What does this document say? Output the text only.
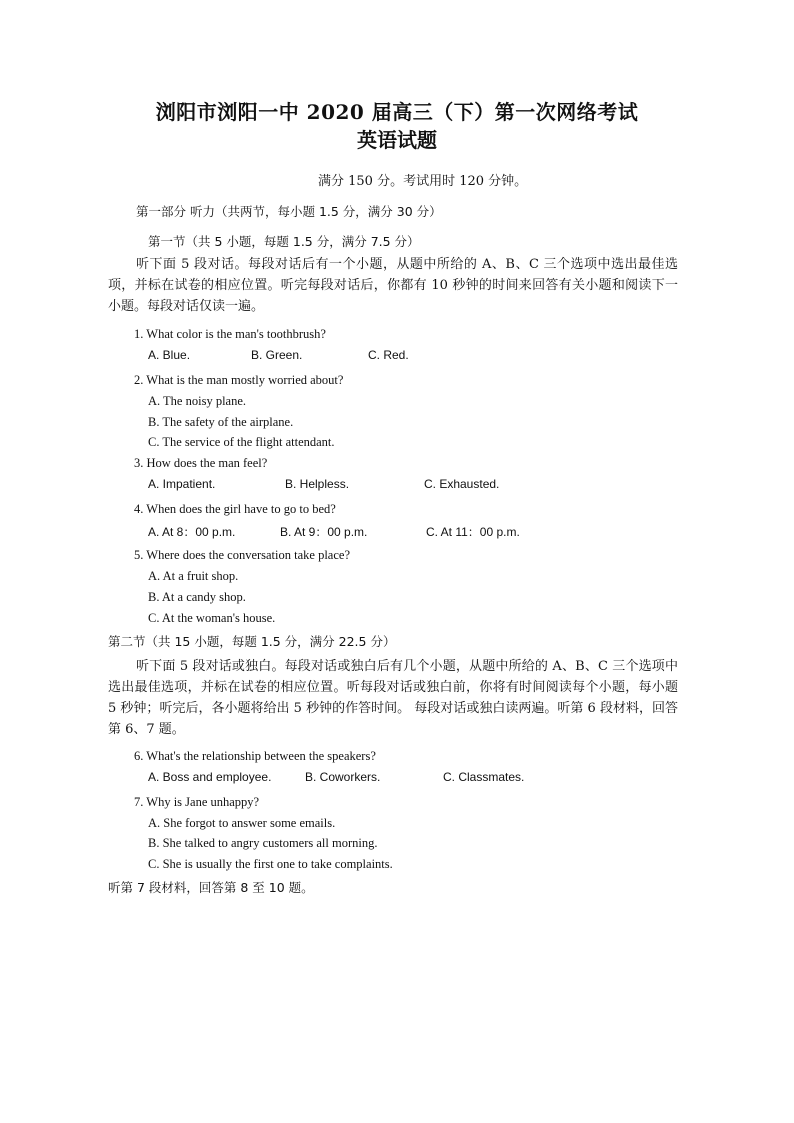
浏阳市浏阳一中 2020 届高三（下）第一次网络考试
英语试题
满分 150 分。考试用时 120 分钟。
第一部分 听力（共两节，每小题 1.5 分，满分 30 分）
第一节（共 5 小题，每题 1.5 分，满分 7.5 分）
听下面 5 段对话。每段对话后有一个小题，从题中所给的 A、B、C 三个选项中选出最佳选项，并标在试卷的相应位置。听完每段对话后，你都有 10 秒钟的时间来回答有关小题和阅读下一小题。每段对话仅读一遍。
1. What color is the man's toothbrush?
A. Blue.	B. Green.	C. Red.
2. What is the man mostly worried about?
A. The noisy plane.
B. The safety of the airplane.
C. The service of the flight attendant.
3. How does the man feel?
A. Impatient.	B. Helpless.	C. Exhausted.
4. When does the girl have to go to bed?
A. At 8：00 p.m.	B. At 9：00 p.m.	C. At 11：00 p.m.
5. Where does the conversation take place?
A. At a fruit shop.
B. At a candy shop.
C. At the woman's house.
第二节（共 15 小题，每题 1.5 分，满分 22.5 分）
听下面 5 段对话或独白。每段对话或独白后有几个小题，从题中所给的 A、B、C 三个选项中选出最佳选项，并标在试卷的相应位置。听每段对话或独白前，你将有时间阅读每个小题，每小题 5 秒钟；听完后，各小题将给出 5 秒钟的作答时间。 每段对话或独白读两遍。听第 6 段材料，回答第 6、7 题。
6. What's the relationship between the speakers?
A. Boss and employee.	B. Coworkers.	C. Classmates.
7. Why is Jane unhappy?
A. She forgot to answer some emails.
B. She talked to angry customers all morning.
C. She is usually the first one to take complaints.
听第 7 段材料，回答第 8 至 10 题。
